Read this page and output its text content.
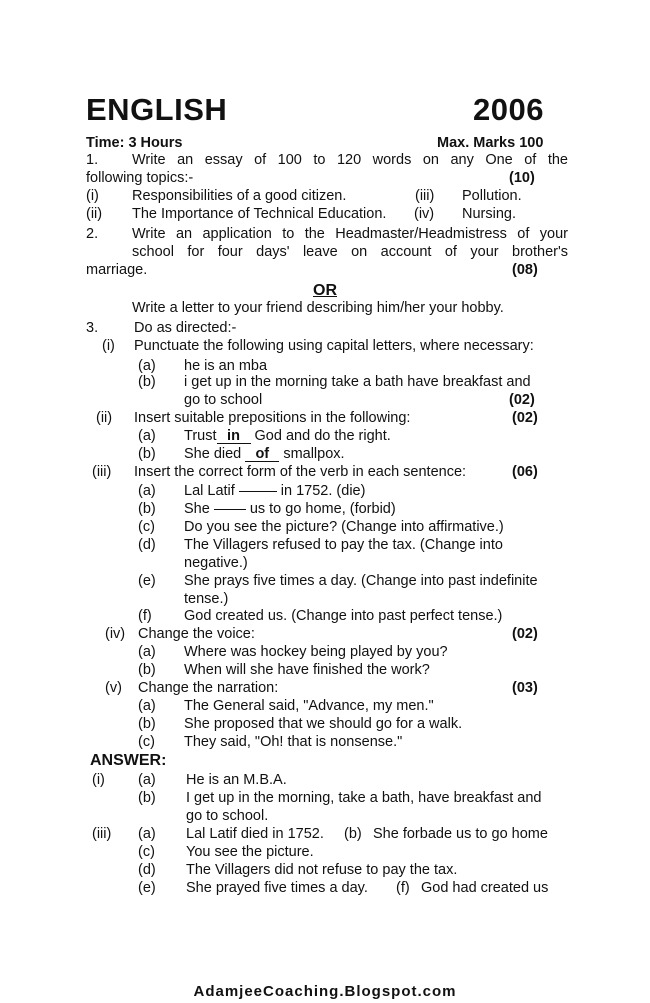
ENGLISH	2006
Time: 3 Hours	Max. Marks 100
1. Write an essay of 100 to 120 words on any One of the
following topics:-	(10)
(i) Responsibilities of a good citizen.	(iii) Pollution.
(ii) The Importance of Technical Education. (iv) Nursing.
2. Write an application to the Headmaster/Headmistress of your
school for four days' leave on account of your brother's
marriage.	(08)
OR
Write a letter to your friend describing him/her your hobby.
3. Do as directed:-
(i) Punctuate the following using capital letters, where necessary:
(a) he is an mba
(b) i get up in the morning take a bath have breakfast and
go to school	(02)
(ii) Insert suitable prepositions in the following:	(02)
(a) Trust in God and do the right.
(b) She died of smallpox.
(iii) Insert the correct form of the verb in each sentence:	(06)
(a) Lal Latif	in 1752. (die)
(b) She	us to go home, (forbid)
(c) Do you see the picture? (Change into affirmative.)
(d) The Villagers refused to pay the tax. (Change into
negative.)
(e) She prays five times a day. (Change into past indefinite
tense.)
(f) God created us. (Change into past perfect tense.)
(iv) Change the voice:	(02)
(a) Where was hockey being played by you?
(b) When will she have finished the work?
(v) Change the narration:	(03)
(a) The General said, "Advance, my men."
(b) She proposed that we should go for a walk.
(c) They said, "Oh! that is nonsense."
ANSWER:
(i) (a) He is an M.B.A.
(b) I get up in the morning, take a bath, have breakfast and
go to school.
(iii) (a) Lal Latif died in 1752. (b) She forbade us to go home
(c) You see the picture.
(d) The Villagers did not refuse to pay the tax.
(e) She prayed five times a day. (f) God had created us
AdamjeeCoaching.Blogspot.com
